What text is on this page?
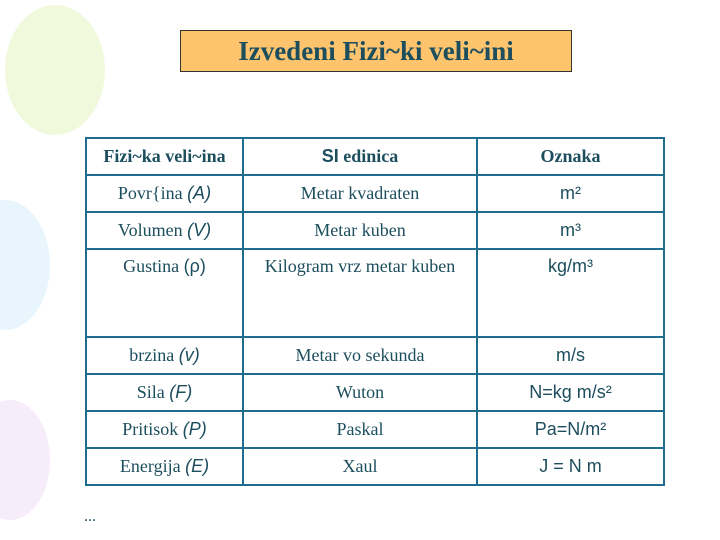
Izvedeni Fizi~ki veli~ini
Fizi~ka veli~ina	SI edinica	Oznaka
Povr{ina (A)	Metar kvadraten	m²
Volumen (V)	Metar kuben	m³
Gustina (ρ)	Kilogram vrz metar kuben	kg/m³
brzina (v)	Metar vo sekunda	m/s
Sila (F)	Wuton	N=kg m/s²
Pritisok (P)	Paskal	Pa=N/m²
Energija (E)	Xaul	J = N m
...
